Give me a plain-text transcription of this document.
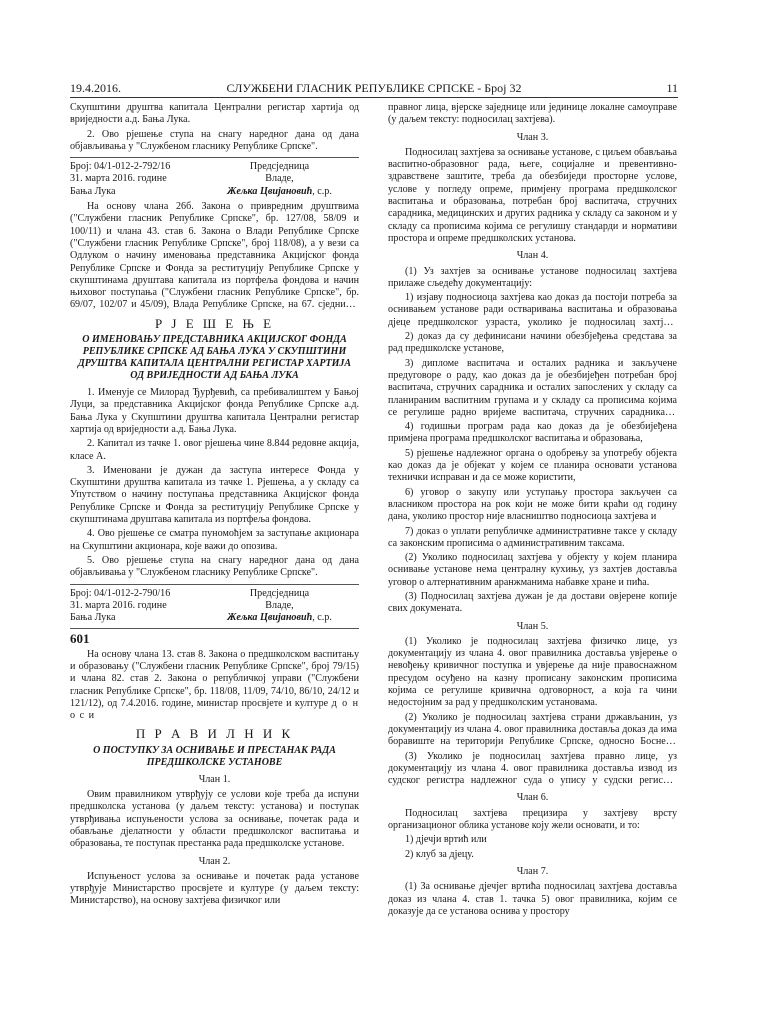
19.4.2016.	СЛУЖБЕНИ ГЛАСНИК РЕПУБЛИКЕ СРПСКЕ - Број 32	11

Скупштини друштва капитала Централни регистар хартија од вриједности а.д. Бања Лука.

2. Ово рјешење ступа на снагу наредног дана од дана објављивања у "Службеном гласнику Републике Српске".

Број: 04/1-012-2-792/16	Предсједница
31. марта 2016. године	Владе,
Бања Лука	Жељка Цвијановић, с.р.

На основу члана 26б. Закона о привредним друштвима ("Службени гласник Републике Српске", бр. 127/08, 58/09 и 100/11) и члана 43. став 6. Закона о Влади Републике Српске ("Службени гласник Републике Српске", број 118/08), а у вези са Одлуком о начину именовања представника Акцијског фонда Републике Српске и Фонда за реституцију Републике Српске у скупштинама друштава капитала из портфеља фондова и начин њиховог поступања ("Службени гласник Републике Српске", бр. 69/07, 102/07 и 45/09), Влада Републике Српске, на 67. сједници,

Р Ј Е Ш Е Њ Е

О ИМЕНОВАЊУ ПРЕДСТАВНИКА АКЦИЈСКОГ ФОНДА РЕПУБЛИКЕ СРПСКЕ АД БАЊА ЛУКА У СКУПШТИНИ ДРУШТВА КАПИТАЛА ЦЕНТРАЛНИ РЕГИСТАР ХАРТИЈА ОД ВРИЈЕДНОСТИ АД БАЊА ЛУКА

1. Именује се Милорад Ђурђевић, са пребивалиштем у Бањој Луци, за представника Акцијског фонда Републике Српске а.д. Бања Лука у Скупштини друштва капитала Централни регистар хартија од вриједности а.д. Бања Лука.

2. Капитал из тачке 1. овог рјешења чине 8.844 редовне акција, класе А.

3. Именовани је дужан да заступа интересе Фонда у Скупштини друштва капитала из тачке 1. Рјешења, а у складу са Упутством о начину поступања представника Акцијског фонда Републике Српске и Фонда за реституцију Републике Српске у скупштинама друштава капитала из портфеља фондова.

4. Ово рјешење се сматра пуномоћјем за заступање акционара на Скупштини акционара, које важи до опозива.

5. Ово рјешење ступа на снагу наредног дана од дана објављивања у "Службеном гласнику Републике Српске".

Број: 04/1-012-2-790/16	Предсједница
31. марта 2016. године	Владе,
Бања Лука	Жељка Цвијановић, с.р.

601

На основу члана 13. став 8. Закона о предшколском васпитању и образовању ("Службени гласник Републике Српске", број 79/15) и члана 82. став 2. Закона о републичкој управи ("Службени гласник Републике Српске", бр. 118/08, 11/09, 74/10, 86/10, 24/12 и 121/12), од 7.4.2016. године, министар просвјете и културе д о н о с и

П Р А В И Л Н И К

О ПОСТУПКУ ЗА ОСНИВАЊЕ И ПРЕСТАНАК РАДА ПРЕДШКОЛСКЕ УСТАНОВЕ

Члан 1.

Овим правилником утврђују се услови које треба да испуни предшколска установа (у даљем тексту: установа) и поступак утврђивања испуњености услова за оснивање, почетак рада и обављање дјелатности у области предшколског васпитања и образовања, те поступак престанка рада предшколске установе.

Члан 2.

Испуњеност услова за оснивање и почетак рада установе утврђује Министарство просвјете и културе (у даљем тексту: Министарство), на основу захтјева физичког или

правног лица, вјерске заједнице или јединице локалне самоуправе (у даљем тексту: подносилац захтјева).

Члан 3.

Подносилац захтјева за оснивање установе, с циљем обављања васпитно-образовног рада, његе, социјалне и превентивно-здравствене заштите, треба да обезбиједи просторне услове, услове у погледу опреме, примјену програма предшколског васпитања и образовања, потребан број васпитача, стручних сарадника, медицинских и других радника у складу са законом и у складу са прописима којима се регулишу стандарди и нормативи простора и опреме предшколских установа.

Члан 4.

(1) Уз захтјев за оснивање установе подносилац захтјева прилаже сљедећу документацију:

1) изјаву подносиоца захтјева као доказ да постоји потреба за оснивањем установе ради остваривања васпитања и образовања дјеце предшколског узраста, уколико је подносилац захтјева

2) доказ да су дефинисани начини обезбјеђења средстава за рад предшколске установе,

3) дипломе васпитача и осталих радника и закључене предуговоре о раду, као доказ да је обезбијеђен потребан број васпитача, стручних сарадника и осталих запослених у складу са планираним васпитним групама и у складу са прописима којима се регулише радно вријеме васпитача, стручних сарадника и

4) годишњи програм рада као доказ да је обезбијеђена примјена програма предшколског васпитања и образовања,

5) рјешење надлежног органа о одобрењу за употребу објекта као доказ да је објекат у којем се планира основати установа технички исправан и да се може користити,

6) уговор о закупу или уступању простора закључен са власником простора на рок који не може бити краћи од годину дана, уколико простор није власништво подносиоца захтјева и

7) доказ о уплати републичке административне таксе у складу са законским прописима о административним таксама.

(2) Уколико подносилац захтјева у објекту у којем планира оснивање установе нема централну кухињу, уз захтјев доставља уговор о алтернативним аранжманима набавке хране и пића.

(3) Подносилац захтјева дужан је да достави овјерене копије свих докумената.

Члан 5.

(1) Уколико је подносилац захтјева физичко лице, уз документацију из члана 4. овог правилника доставља увјерење о невођењу кривичног поступка и увјерење да није правоснажном пресудом осуђено на казну прописану законским прописима којима се регулише кривична одговорност, а која га чини недостојним за рад у предшколским установама.

(2) Уколико је подносилац захтјева страни држављанин, уз документацију из члана 4. овог правилника доставља доказ да има боравиште на територији Републике Српске, односно Босне и

(3) Уколико је подносилац захтјева правно лице, уз документацију из члана 4. овог правилника доставља извод из судског регистра надлежног суда о упису у судски регистар

Члан 6.

Подносилац захтјева прецизира у захтјеву врсту организационог облика установе коју жели основати, и то:

1) дјечји вртић или

2) клуб за дјецу.

Члан 7.

(1) За оснивање дјечјег вртића подносилац захтјева доставља доказ из члана 4. став 1. тачка 5) овог правилника, којим се доказује да се установа оснива у простору
